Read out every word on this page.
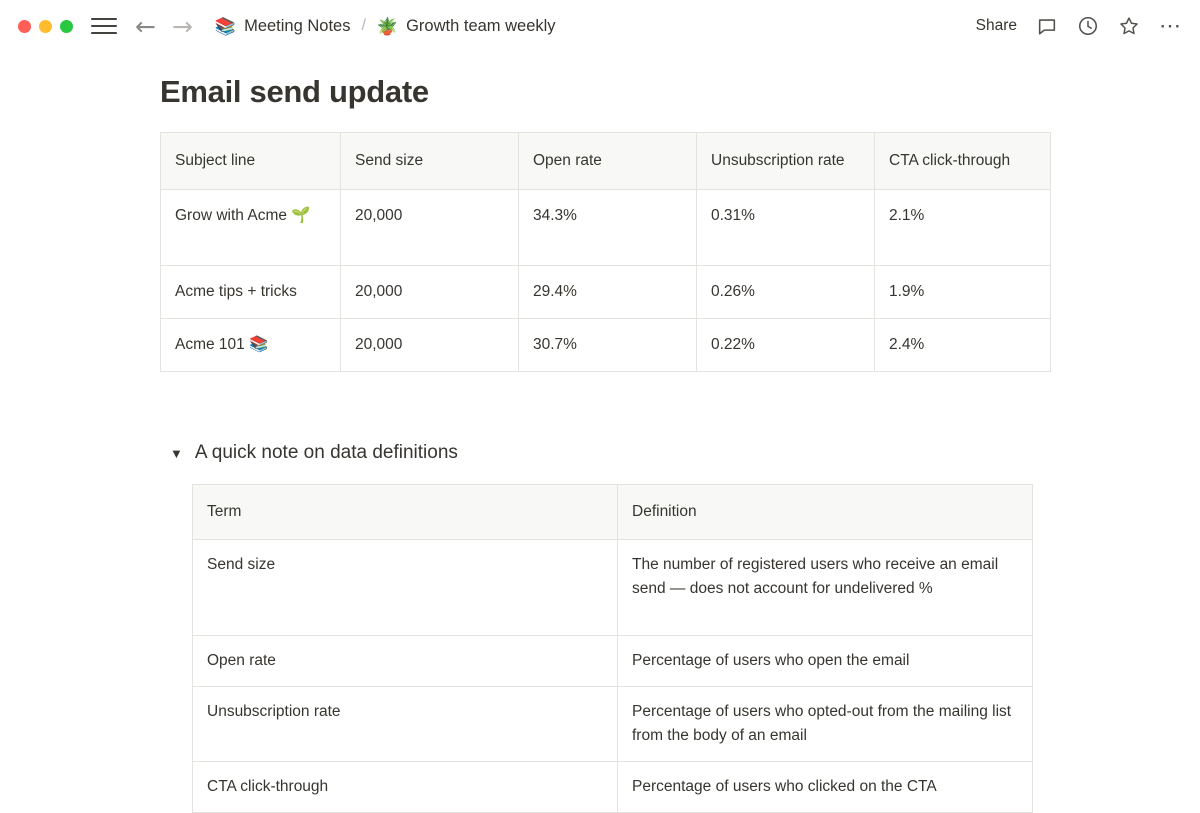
← → 📚 Meeting Notes / 🪴 Growth team weekly	Share	⋯
Email send update
Subject line	Send size	Open rate	Unsubscription rate	CTA click-through
Grow with Acme 🌱	20,000	34.3%	0.31%	2.1%
Acme tips + tricks	20,000	29.4%	0.26%	1.9%
Acme 101 📚	20,000	30.7%	0.22%	2.4%
▼ A quick note on data definitions
Term	Definition
Send size	The number of registered users who receive an email send — does not account for undelivered %
Open rate	Percentage of users who open the email
Unsubscription rate	Percentage of users who opted-out from the mailing list from the body of an email
CTA click-through	Percentage of users who clicked on the CTA
